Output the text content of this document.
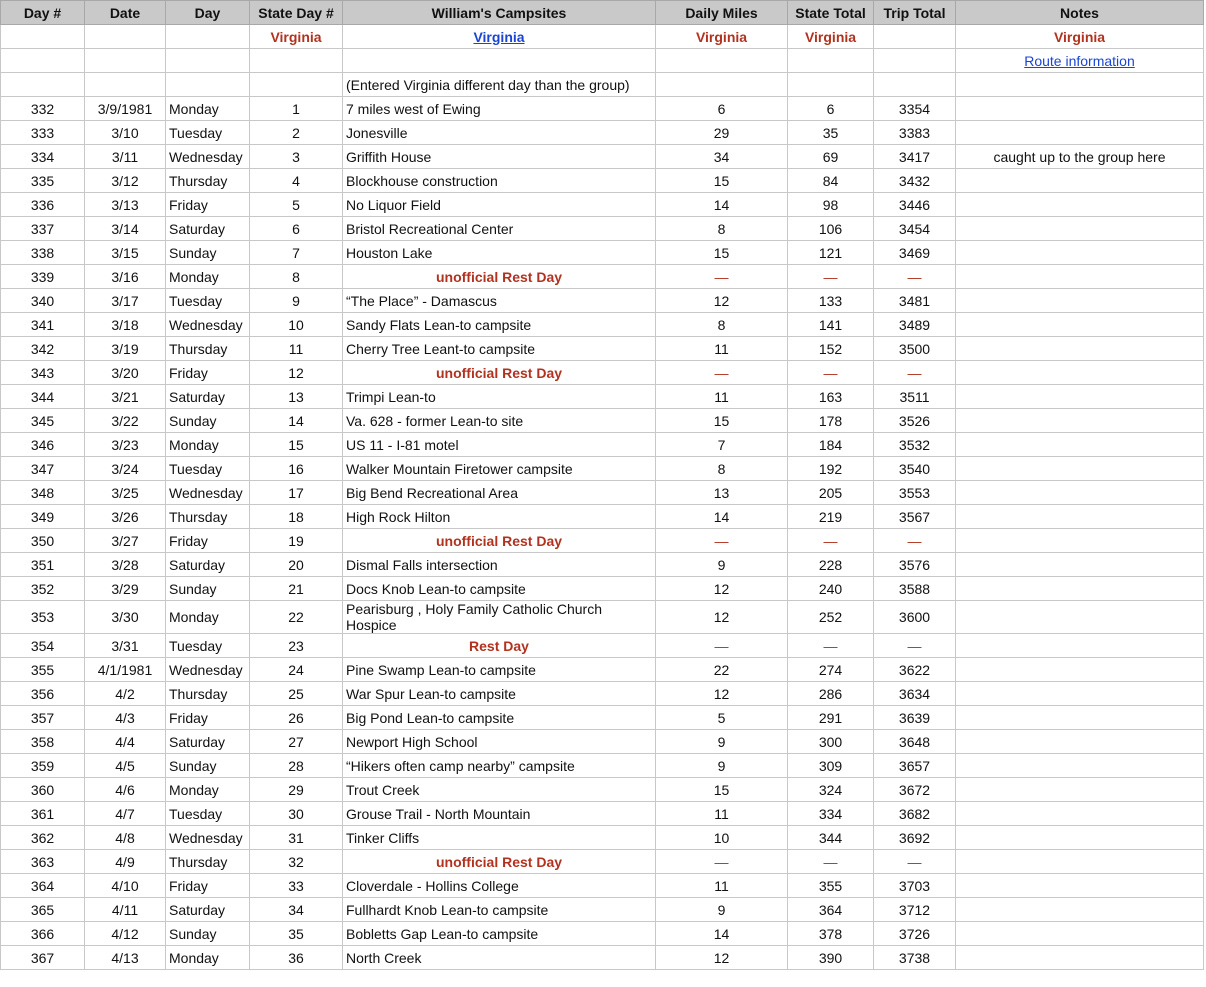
Day #	Date	Day	State Day #	William's Campsites	Daily Miles	State Total	Trip Total	Notes
			Virginia	Virginia	Virginia	Virginia		Virginia
								Route information
				(Entered Virginia different day than the group)				
332	3/9/1981	Monday	1	7 miles west of Ewing	6	6	3354	
333	3/10	Tuesday	2	Jonesville	29	35	3383	
334	3/11	Wednesday	3	Griffith House	34	69	3417	caught up to the group here
335	3/12	Thursday	4	Blockhouse construction	15	84	3432	
336	3/13	Friday	5	No Liquor Field	14	98	3446	
337	3/14	Saturday	6	Bristol Recreational Center	8	106	3454	
338	3/15	Sunday	7	Houston Lake	15	121	3469	
339	3/16	Monday	8	unofficial Rest Day	—	—	—	
340	3/17	Tuesday	9	“The Place” - Damascus	12	133	3481	
341	3/18	Wednesday	10	Sandy Flats Lean-to campsite	8	141	3489	
342	3/19	Thursday	11	Cherry Tree Leant-to campsite	11	152	3500	
343	3/20	Friday	12	unofficial Rest Day	—	—	—	
344	3/21	Saturday	13	Trimpi Lean-to	11	163	3511	
345	3/22	Sunday	14	Va. 628 - former Lean-to site	15	178	3526	
346	3/23	Monday	15	US 11 - I-81 motel	7	184	3532	
347	3/24	Tuesday	16	Walker Mountain Firetower campsite	8	192	3540	
348	3/25	Wednesday	17	Big Bend Recreational Area	13	205	3553	
349	3/26	Thursday	18	High Rock Hilton	14	219	3567	
350	3/27	Friday	19	unofficial Rest Day	—	—	—	
351	3/28	Saturday	20	Dismal Falls intersection	9	228	3576	
352	3/29	Sunday	21	Docs Knob Lean-to campsite	12	240	3588	
353	3/30	Monday	22	Pearisburg , Holy Family Catholic Church Hospice	12	252	3600	
354	3/31	Tuesday	23	Rest Day	—	—	—	
355	4/1/1981	Wednesday	24	Pine Swamp Lean-to campsite	22	274	3622	
356	4/2	Thursday	25	War Spur Lean-to campsite	12	286	3634	
357	4/3	Friday	26	Big Pond Lean-to campsite	5	291	3639	
358	4/4	Saturday	27	Newport High School	9	300	3648	
359	4/5	Sunday	28	“Hikers often camp nearby” campsite	9	309	3657	
360	4/6	Monday	29	Trout Creek	15	324	3672	
361	4/7	Tuesday	30	Grouse Trail - North Mountain	11	334	3682	
362	4/8	Wednesday	31	Tinker Cliffs	10	344	3692	
363	4/9	Thursday	32	unofficial Rest Day	—	—	—	
364	4/10	Friday	33	Cloverdale - Hollins College	11	355	3703	
365	4/11	Saturday	34	Fullhardt Knob Lean-to campsite	9	364	3712	
366	4/12	Sunday	35	Bobletts Gap Lean-to campsite	14	378	3726	
367	4/13	Monday	36	North Creek	12	390	3738	
